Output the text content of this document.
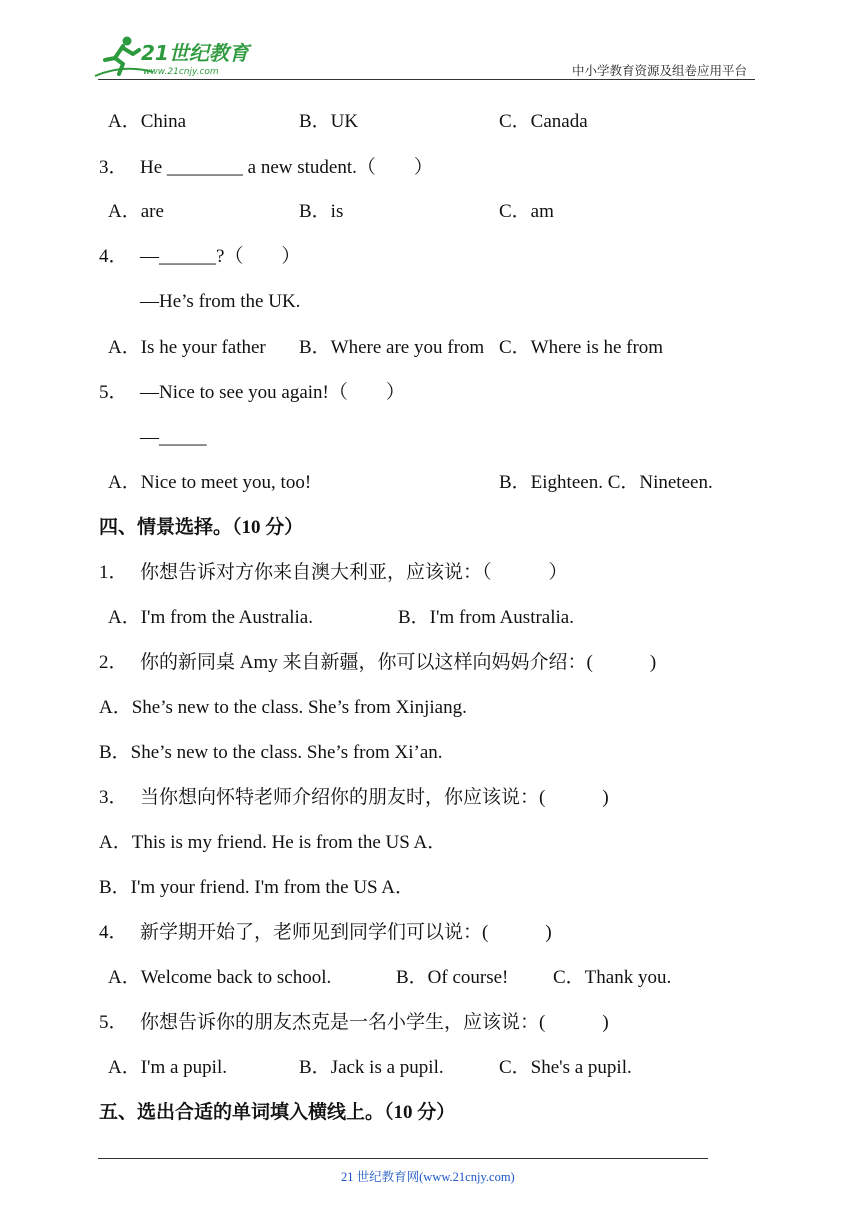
21世纪教育
www.21cnjy.com	中小学教育资源及组卷应用平台
A．China	B．UK	C．Canada
3． He ________ a new student.（　　）
A．are	B．is	C．am
4． —______?（　　）
—He’s from the UK.
A．Is he your father B．Where are you from C．Where is he from
5． —Nice to see you again!（　　）
—_____
A．Nice to meet you, too!	B．Eighteen. C．Nineteen.
四、情景选择。（10 分）
1． 你想告诉对方你来自澳大利亚，应该说：（　　　）
A．I'm from the Australia.	B．I'm from Australia.
2． 你的新同桌 Amy 来自新疆，你可以这样向妈妈介绍：(　　　)
A．She’s new to the class. She’s from Xinjiang.
B．She’s new to the class. She’s from Xi’an.
3． 当你想向怀特老师介绍你的朋友时，你应该说：(　　　)
A．This is my friend. He is from the US A．
B．I'm your friend. I'm from the US A．
4． 新学期开始了，老师见到同学们可以说：(　　　)
A．Welcome back to school.	B．Of course! C．Thank you.
5． 你想告诉你的朋友杰克是一名小学生，应该说：(　　　)
A．I'm a pupil.	B．Jack is a pupil.	C．She's a pupil.
五、选出合适的单词填入横线上。（10 分）
21 世纪教育网(www.21cnjy.com)
